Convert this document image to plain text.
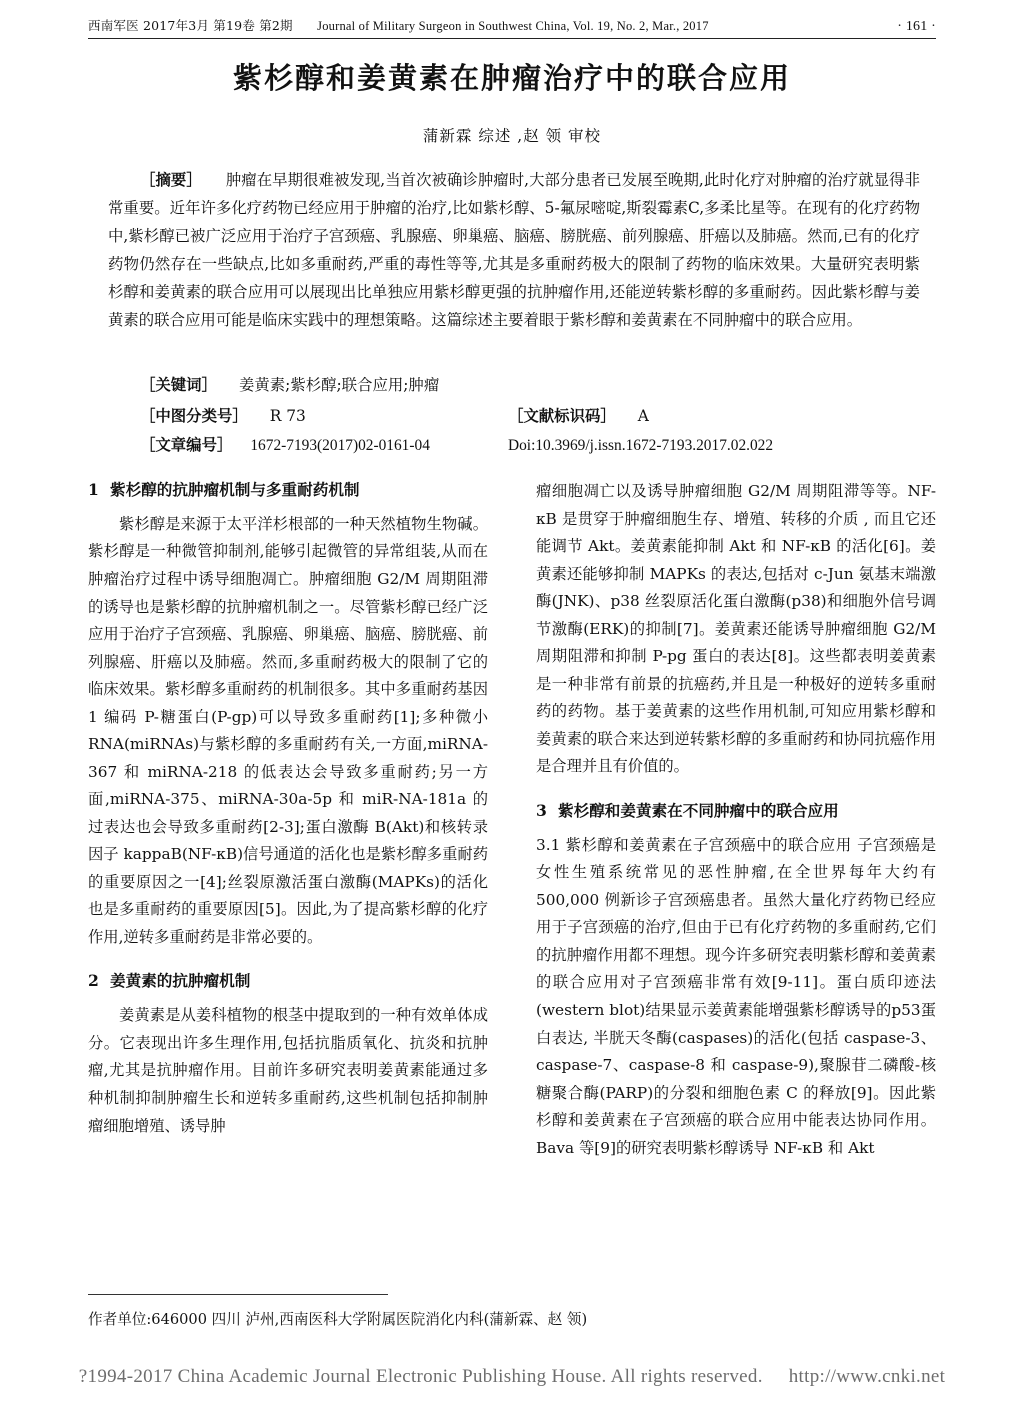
西南军医 2017年3月 第19卷 第2期 Journal of Military Surgeon in Southwest China, Vol. 19, No. 2, Mar., 2017	· 161 ·
紫杉醇和姜黄素在肿瘤治疗中的联合应用
蒲新霖 综述 ,赵 领 审校
［摘要］ 肿瘤在早期很难被发现,当首次被确诊肿瘤时,大部分患者已发展至晚期,此时化疗对肿瘤的治疗就显得非常重要。近年许多化疗药物已经应用于肿瘤的治疗,比如紫杉醇、5-氟尿嘧啶,斯裂霉素C,多柔比星等。在现有的化疗药物中,紫杉醇已被广泛应用于治疗子宫颈癌、乳腺癌、卵巢癌、脑癌、膀胱癌、前列腺癌、肝癌以及肺癌。然而,已有的化疗药物仍然存在一些缺点,比如多重耐药,严重的毒性等等,尤其是多重耐药极大的限制了药物的临床效果。大量研究表明紫杉醇和姜黄素的联合应用可以展现出比单独应用紫杉醇更强的抗肿瘤作用,还能逆转紫杉醇的多重耐药。因此紫杉醇与姜黄素的联合应用可能是临床实践中的理想策略。这篇综述主要着眼于紫杉醇和姜黄素在不同肿瘤中的联合应用。
［关键词］ 姜黄素;紫杉醇;联合应用;肿瘤
［中图分类号］ R 73	［文献标识码］ A
［文章编号］ 1672-7193(2017)02-0161-04	Doi:10.3969/j.issn.1672-7193.2017.02.022
1 紫杉醇的抗肿瘤机制与多重耐药机制

紫杉醇是来源于太平洋杉根部的一种天然植物生物碱。紫杉醇是一种微管抑制剂,能够引起微管的异常组装,从而在肿瘤治疗过程中诱导细胞凋亡。肿瘤细胞 G2/M 周期阻滞的诱导也是紫杉醇的抗肿瘤机制之一。尽管紫杉醇已经广泛应用于治疗子宫颈癌、乳腺癌、卵巢癌、脑癌、膀胱癌、前列腺癌、肝癌以及肺癌。然而,多重耐药极大的限制了它的临床效果。紫杉醇多重耐药的机制很多。其中多重耐药基因 1 编码 P-糖蛋白(P-gp)可以导致多重耐药[1];多种微小 RNA(miRNAs)与紫杉醇的多重耐药有关,一方面,miRNA-367 和 miRNA-218 的低表达会导致多重耐药;另一方面,miRNA-375、miRNA-30a-5p 和 miR-NA-181a 的过表达也会导致多重耐药[2-3];蛋白激酶 B(Akt)和核转录因子 kappaB(NF-κB)信号通道的活化也是紫杉醇多重耐药的重要原因之一[4];丝裂原激活蛋白激酶(MAPKs)的活化也是多重耐药的重要原因[5]。因此,为了提高紫杉醇的化疗作用,逆转多重耐药是非常必要的。

2 姜黄素的抗肿瘤机制

姜黄素是从姜科植物的根茎中提取到的一种有效单体成分。它表现出许多生理作用,包括抗脂质氧化、抗炎和抗肿瘤,尤其是抗肿瘤作用。目前许多研究表明姜黄素能通过多种机制抑制肿瘤生长和逆转多重耐药,这些机制包括抑制肿瘤细胞增殖、诱导肿

瘤细胞凋亡以及诱导肿瘤细胞 G2/M 周期阻滞等等。NF-κB 是贯穿于肿瘤细胞生存、增殖、转移的介质 , 而且它还能调节 Akt。姜黄素能抑制 Akt 和 NF-κB 的活化[6]。姜黄素还能够抑制 MAPKs 的表达,包括对 c-Jun 氨基末端激酶(JNK)、p38 丝裂原活化蛋白激酶(p38)和细胞外信号调节激酶(ERK)的抑制[7]。姜黄素还能诱导肿瘤细胞 G2/M 周期阻滞和抑制 P-pg 蛋白的表达[8]。这些都表明姜黄素是一种非常有前景的抗癌药,并且是一种极好的逆转多重耐药的药物。基于姜黄素的这些作用机制,可知应用紫杉醇和姜黄素的联合来达到逆转紫杉醇的多重耐药和协同抗癌作用是合理并且有价值的。

3 紫杉醇和姜黄素在不同肿瘤中的联合应用

3.1 紫杉醇和姜黄素在子宫颈癌中的联合应用 子宫颈癌是女性生殖系统常见的恶性肿瘤,在全世界每年大约有 500,000 例新诊子宫颈癌患者。虽然大量化疗药物已经应用于子宫颈癌的治疗,但由于已有化疗药物的多重耐药,它们的抗肿瘤作用都不理想。现今许多研究表明紫杉醇和姜黄素的联合应用对子宫颈癌非常有效[9-11]。蛋白质印迹法(western blot)结果显示姜黄素能增强紫杉醇诱导的p53蛋白表达, 半胱天冬酶(caspases)的活化(包括 caspase-3、caspase-7、caspase-8 和 caspase-9),聚腺苷二磷酸-核糖聚合酶(PARP)的分裂和细胞色素 C 的释放[9]。因此紫杉醇和姜黄素在子宫颈癌的联合应用中能表达协同作用。Bava 等[9]的研究表明紫杉醇诱导 NF-κB 和 Akt

作者单位:646000 四川 泸州,西南医科大学附属医院消化内科(蒲新霖、赵 领)
?1994-2017 China Academic Journal Electronic Publishing House. All rights reserved. http://www.cnki.net
